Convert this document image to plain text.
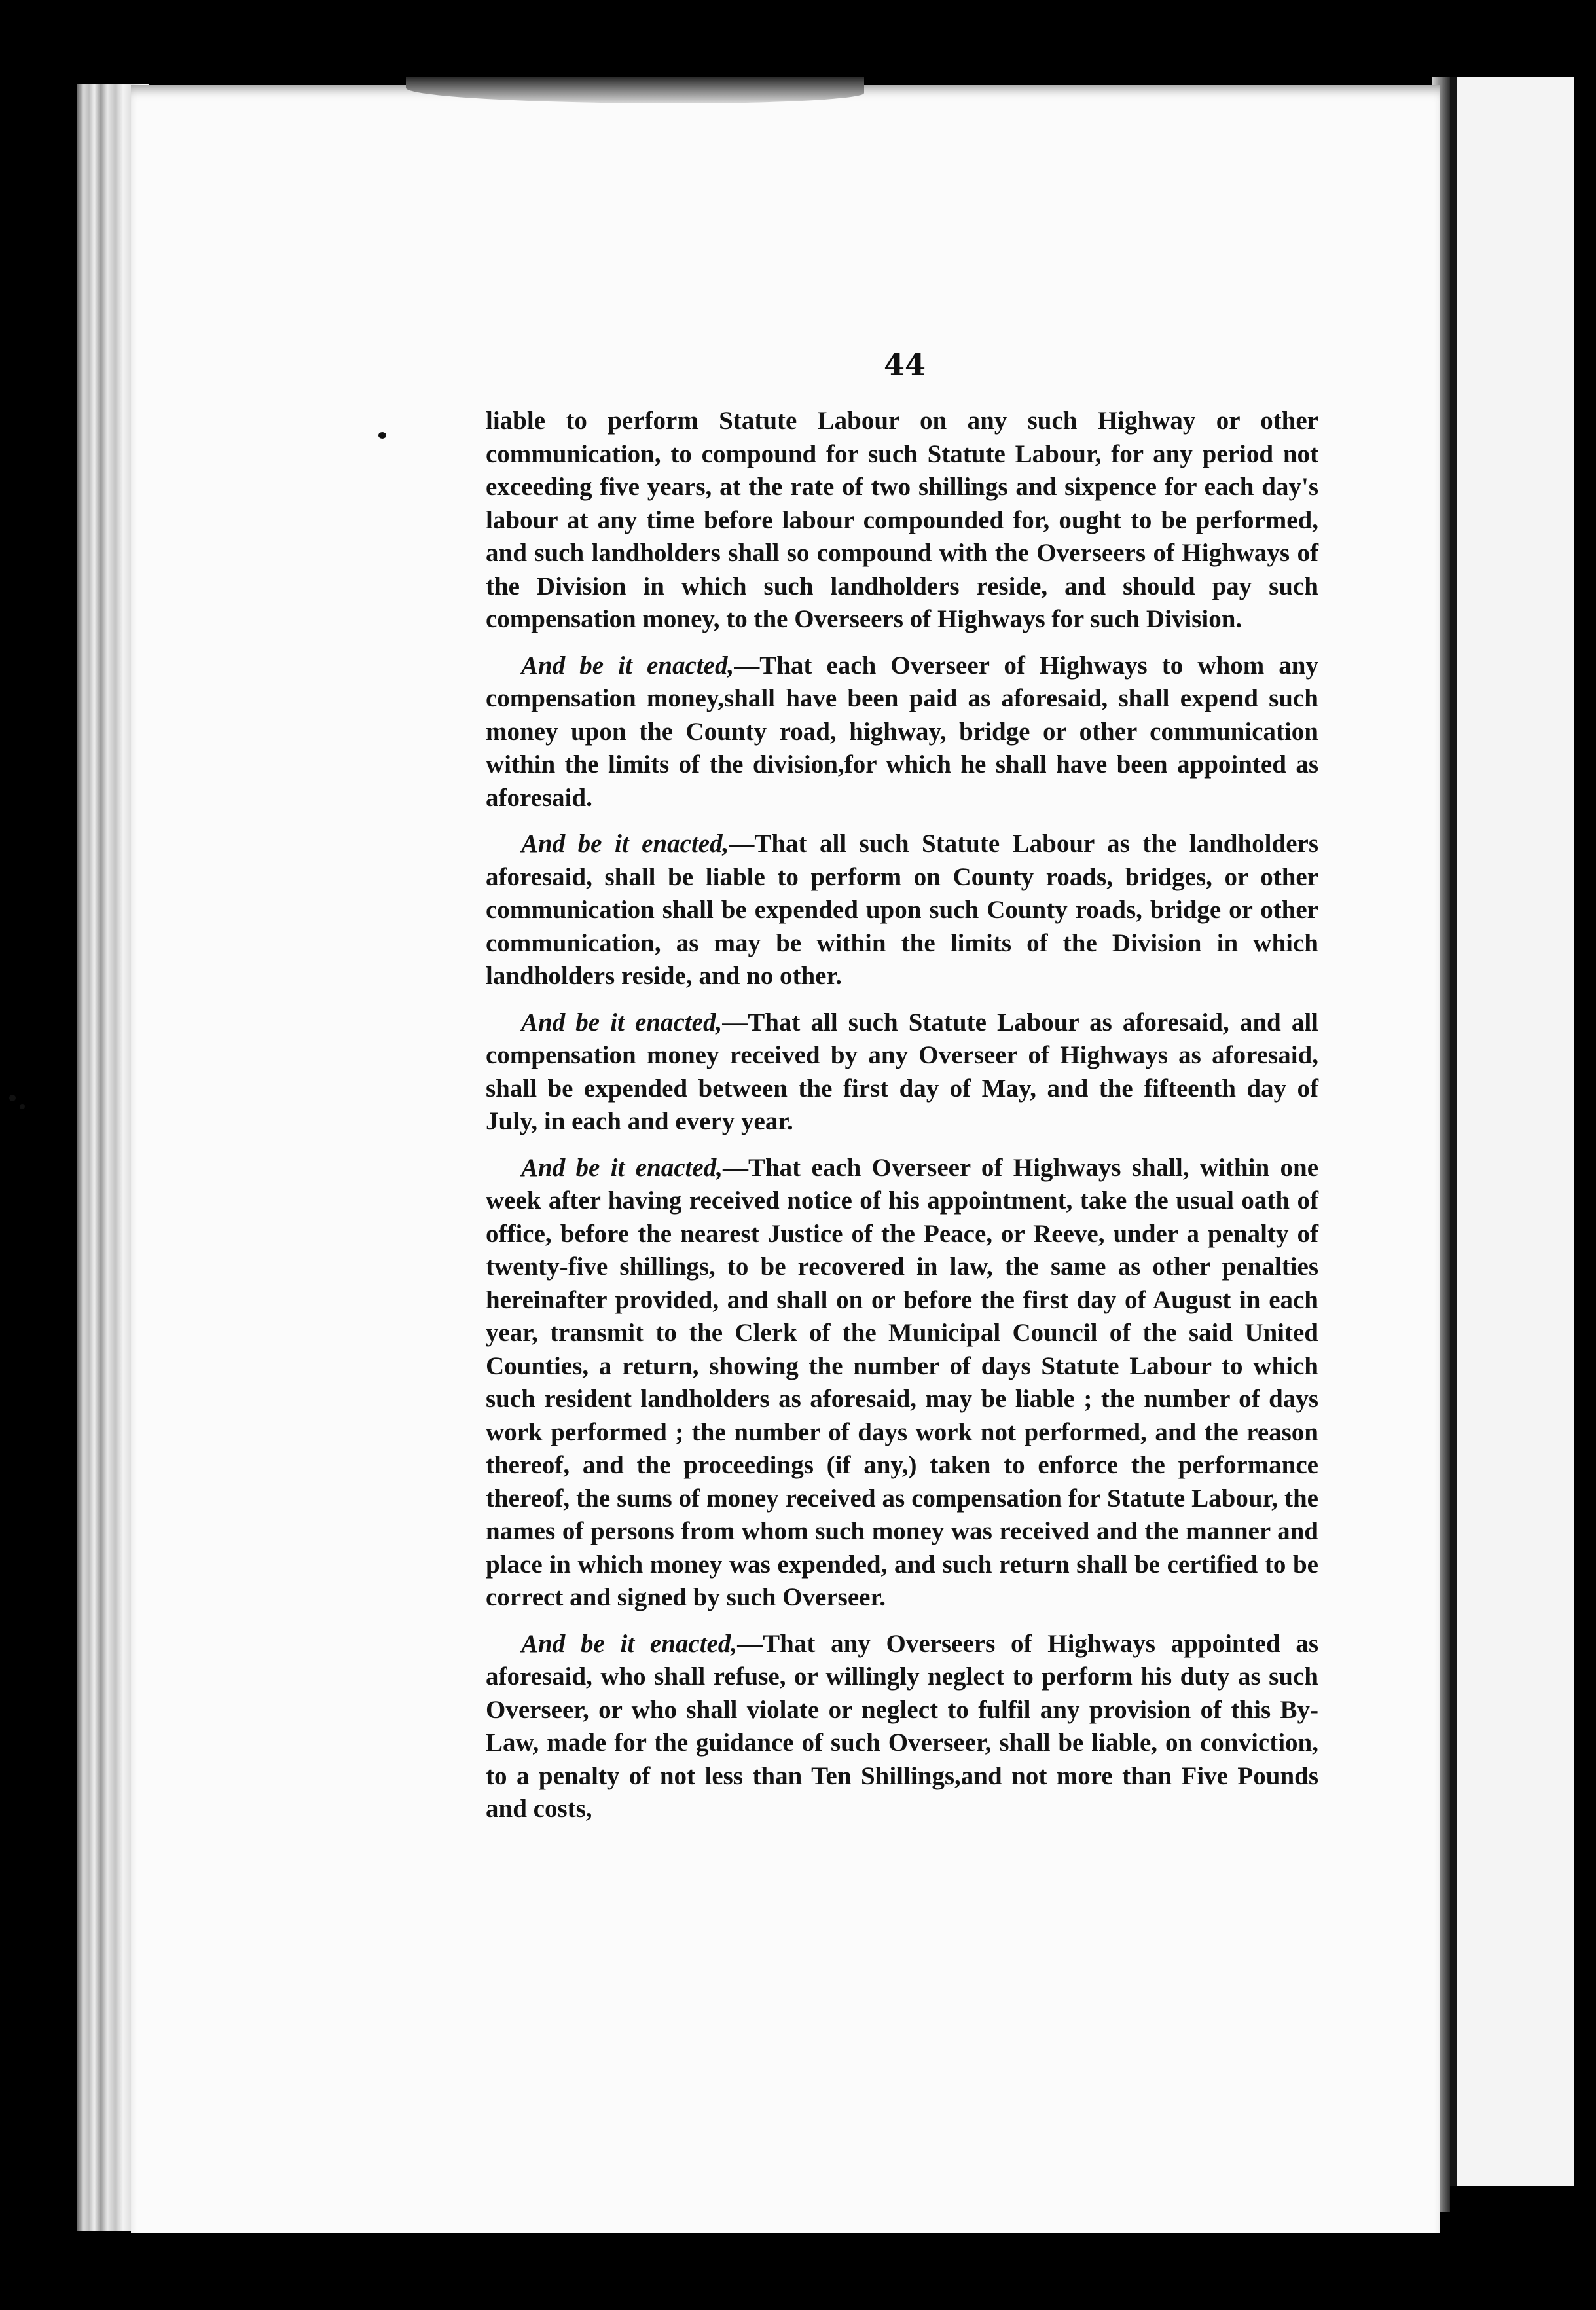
44

liable to perform Statute Labour on any such Highway or other communication, to compound for such Statute Labour, for any period not exceeding five years, at the rate of two shillings and sixpence for each day's labour at any time before labour compounded for, ought to be performed, and such landholders shall so compound with the Overseers of Highways of the Division in which such landholders reside, and should pay such compensation money, to the Overseers of Highways for such Division.

And be it enacted,—That each Overseer of Highways to whom any compensation money,shall have been paid as aforesaid, shall expend such money upon the County road, highway, bridge or other communication within the limits of the division,for which he shall have been appointed as aforesaid.

And be it enacted,—That all such Statute Labour as the landholders aforesaid, shall be liable to perform on County roads, bridges, or other communication shall be expended upon such County roads, bridge or other communication, as may be within the limits of the Division in which landholders reside, and no other.

And be it enacted,—That all such Statute Labour as aforesaid, and all compensation money received by any Overseer of Highways as aforesaid, shall be expended between the first day of May, and the fifteenth day of July, in each and every year.

And be it enacted,—That each Overseer of Highways shall, within one week after having received notice of his appointment, take the usual oath of office, before the nearest Justice of the Peace, or Reeve, under a penalty of twenty-five shillings, to be recovered in law, the same as other penalties hereinafter provided, and shall on or before the first day of August in each year, transmit to the Clerk of the Municipal Council of the said United Counties, a return, showing the number of days Statute Labour to which such resident landholders as aforesaid, may be liable ; the number of days work performed ; the number of days work not performed, and the reason thereof, and the proceedings (if any,) taken to enforce the performance thereof, the sums of money received as compensation for Statute Labour, the names of persons from whom such money was received and the manner and place in which money was expended, and such return shall be certified to be correct and signed by such Overseer.

And be it enacted,—That any Overseers of Highways appointed as aforesaid, who shall refuse, or willingly neglect to perform his duty as such Overseer, or who shall violate or neglect to fulfil any provision of this By-Law, made for the guidance of such Overseer, shall be liable, on conviction, to a penalty of not less than Ten Shillings,and not more than Five Pounds and costs,
